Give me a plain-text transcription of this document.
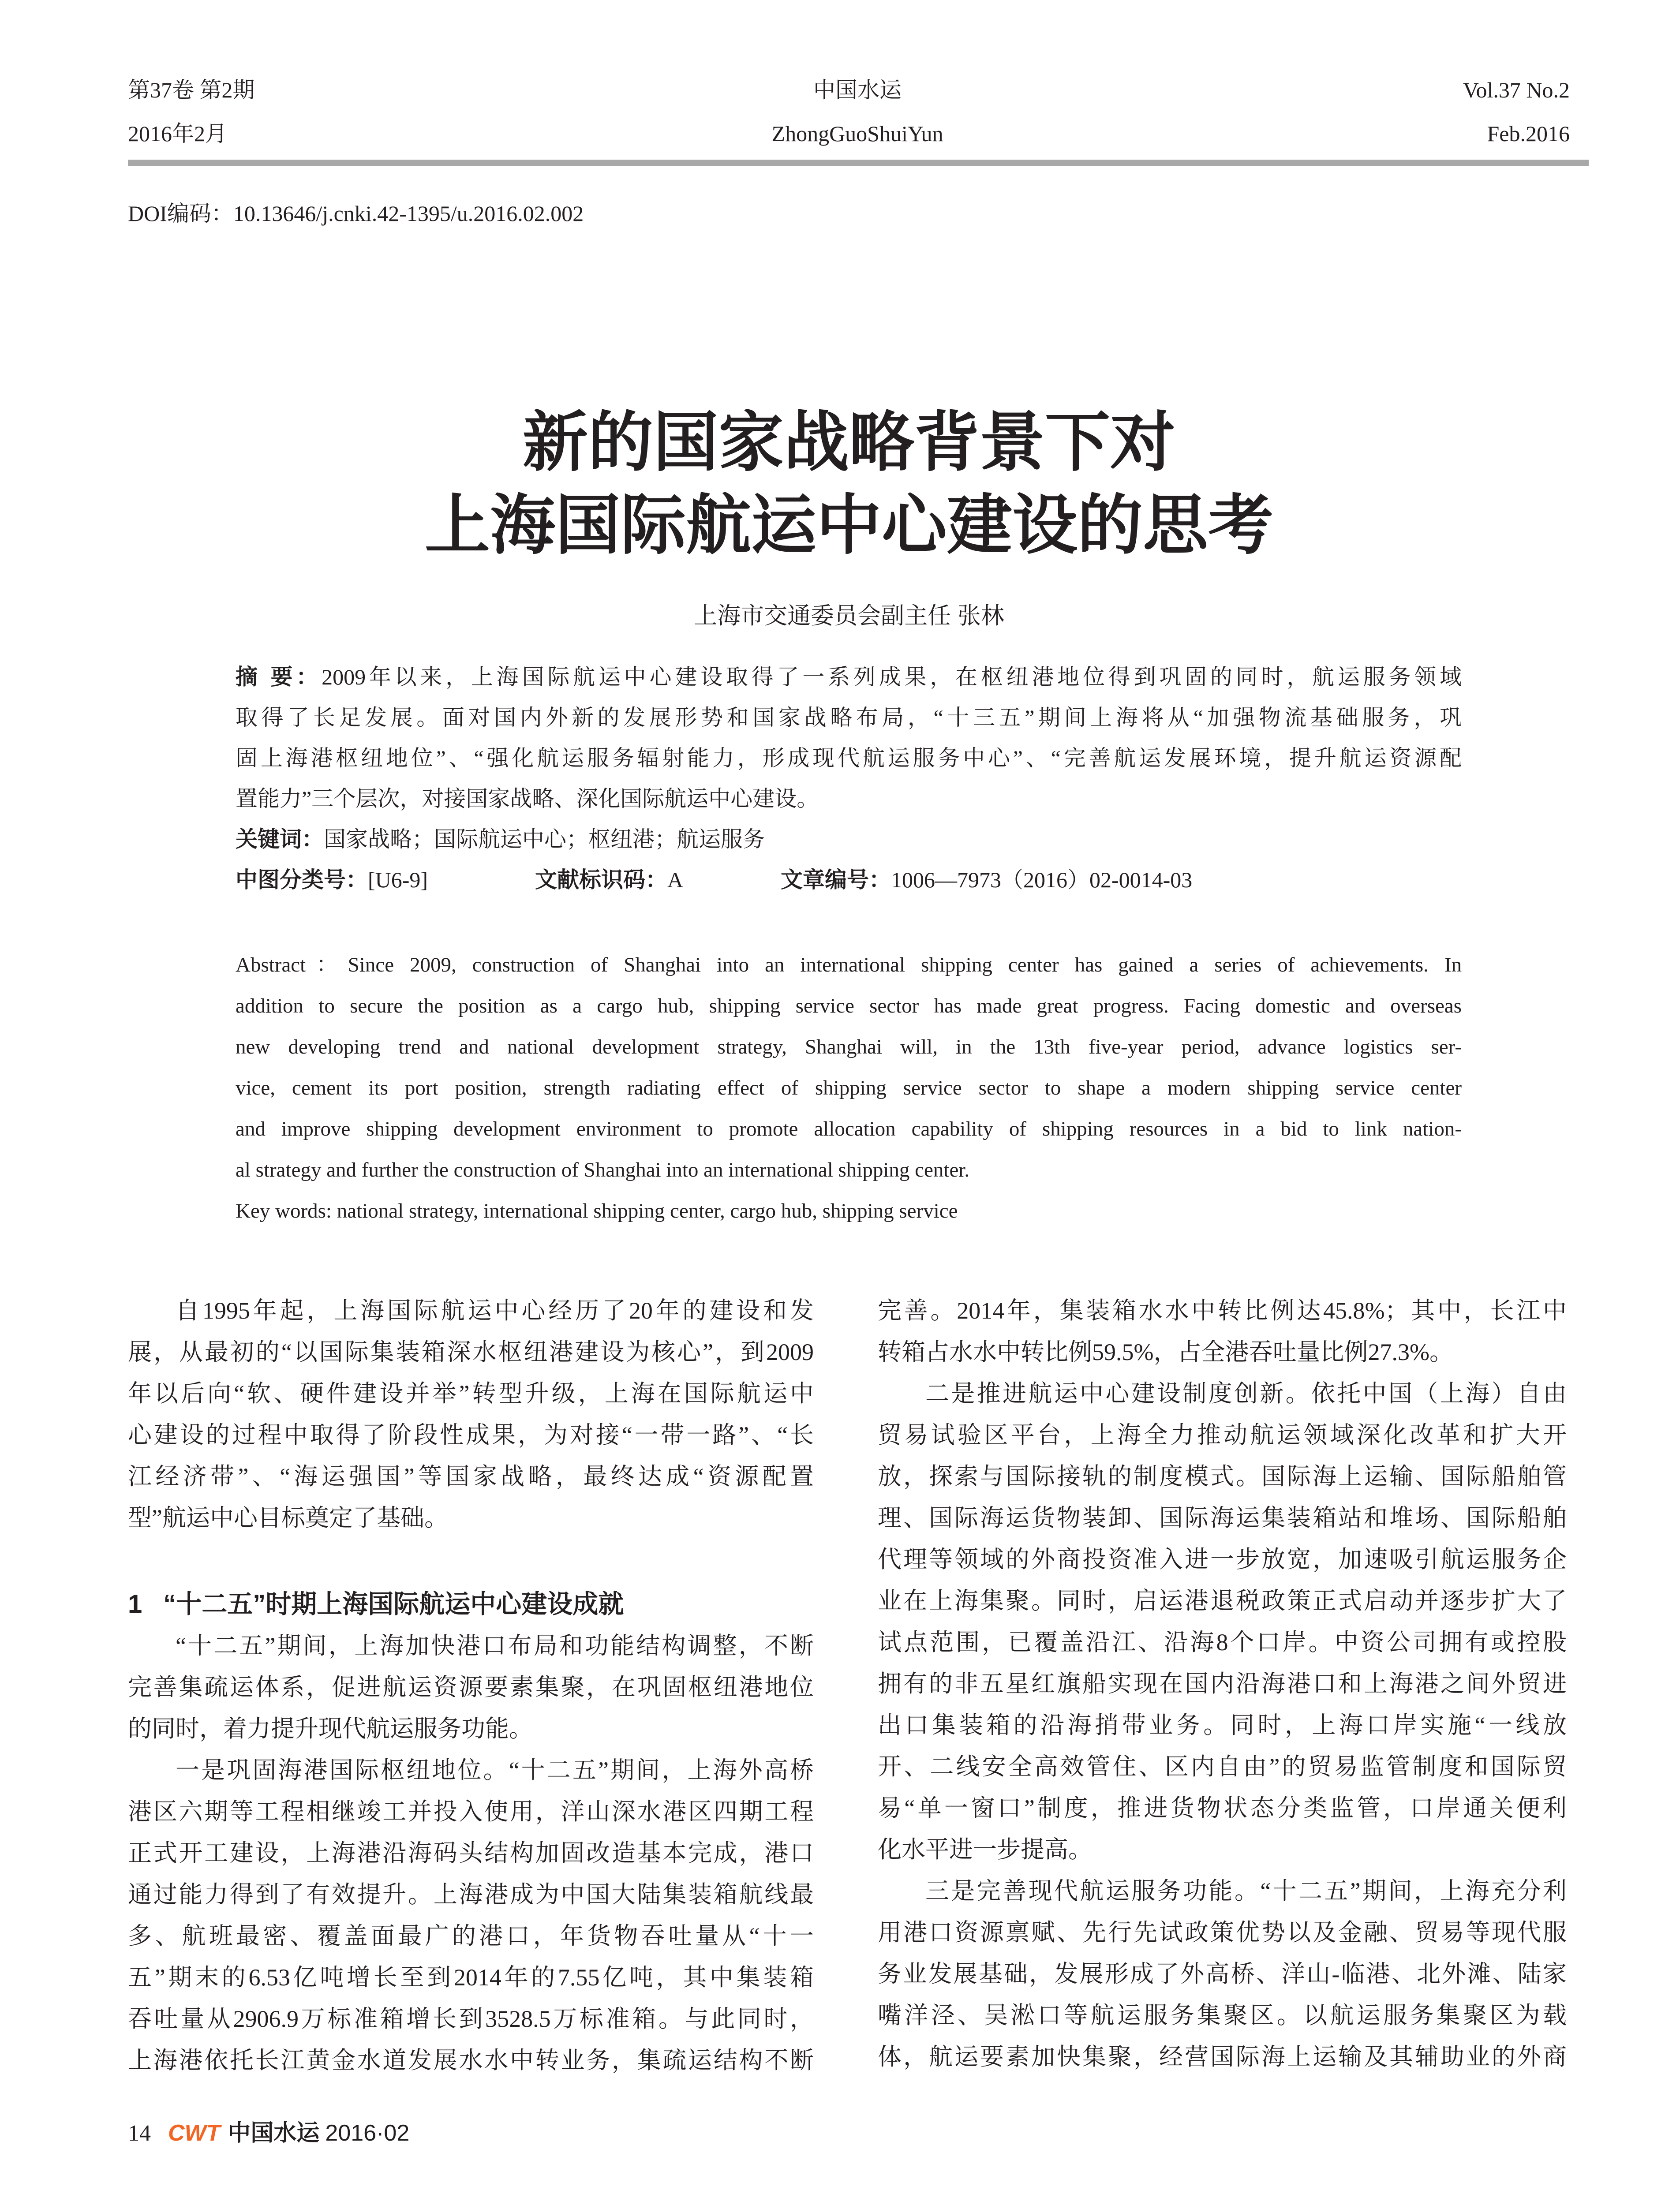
第37卷 第2期	中国水运	Vol.37 No.2
2016年2月	ZhongGuoShuiYun	Feb.2016
DOI编码：10.13646/j.cnki.42-1395/u.2016.02.002
新的国家战略背景下对
上海国际航运中心建设的思考
上海市交通委员会副主任 张林
摘 要：2009年以来，上海国际航运中心建设取得了一系列成果，在枢纽港地位得到巩固的同时，航运服务领域
取得了长足发展。面对国内外新的发展形势和国家战略布局，“十三五”期间上海将从“加强物流基础服务，巩
固上海港枢纽地位”、“强化航运服务辐射能力，形成现代航运服务中心”、“完善航运发展环境，提升航运资源配
置能力”三个层次，对接国家战略、深化国际航运中心建设。
关键词：国家战略；国际航运中心；枢纽港；航运服务
中图分类号：[U6-9]	文献标识码：A	文章编号：1006—7973（2016）02-0014-03
Abstract：Since 2009, construction of Shanghai into an international shipping center has gained a series of achievements. In
addition to secure the position as a cargo hub, shipping service sector has made great progress. Facing domestic and overseas
new developing trend and national development strategy, Shanghai will, in the 13th five-year period, advance logistics ser-
vice, cement its port position, strength radiating effect of shipping service sector to shape a modern shipping service center
and improve shipping development environment to promote allocation capability of shipping resources in a bid to link nation-
al strategy and further the construction of Shanghai into an international shipping center.
Key words: national strategy, international shipping center, cargo hub, shipping service
自1995年起，上海国际航运中心经历了20年的建设和发
展，从最初的“以国际集装箱深水枢纽港建设为核心”，到2009
年以后向“软、硬件建设并举”转型升级，上海在国际航运中
心建设的过程中取得了阶段性成果，为对接“一带一路”、“长
江经济带”、“海运强国”等国家战略，最终达成“资源配置
型”航运中心目标奠定了基础。
1 “十二五”时期上海国际航运中心建设成就
“十二五”期间，上海加快港口布局和功能结构调整，不断
完善集疏运体系，促进航运资源要素集聚，在巩固枢纽港地位
的同时，着力提升现代航运服务功能。
一是巩固海港国际枢纽地位。“十二五”期间，上海外高桥
港区六期等工程相继竣工并投入使用，洋山深水港区四期工程
正式开工建设，上海港沿海码头结构加固改造基本完成，港口
通过能力得到了有效提升。上海港成为中国大陆集装箱航线最
多、航班最密、覆盖面最广的港口，年货物吞吐量从“十一
五”期末的6.53亿吨增长至到2014年的7.55亿吨，其中集装箱
吞吐量从2906.9万标准箱增长到3528.5万标准箱。与此同时，
上海港依托长江黄金水道发展水水中转业务，集疏运结构不断
完善。2014年，集装箱水水中转比例达45.8%；其中，长江中
转箱占水水中转比例59.5%，占全港吞吐量比例27.3%。
二是推进航运中心建设制度创新。依托中国（上海）自由
贸易试验区平台，上海全力推动航运领域深化改革和扩大开
放，探索与国际接轨的制度模式。国际海上运输、国际船舶管
理、国际海运货物装卸、国际海运集装箱站和堆场、国际船舶
代理等领域的外商投资准入进一步放宽，加速吸引航运服务企
业在上海集聚。同时，启运港退税政策正式启动并逐步扩大了
试点范围，已覆盖沿江、沿海8个口岸。中资公司拥有或控股
拥有的非五星红旗船实现在国内沿海港口和上海港之间外贸进
出口集装箱的沿海捎带业务。同时，上海口岸实施“一线放
开、二线安全高效管住、区内自由”的贸易监管制度和国际贸
易“单一窗口”制度，推进货物状态分类监管，口岸通关便利
化水平进一步提高。
三是完善现代航运服务功能。“十二五”期间，上海充分利
用港口资源禀赋、先行先试政策优势以及金融、贸易等现代服
务业发展基础，发展形成了外高桥、洋山-临港、北外滩、陆家
嘴洋泾、吴淞口等航运服务集聚区。以航运服务集聚区为载
体，航运要素加快集聚，经营国际海上运输及其辅助业的外商
14 CWT 中国水运 2016·02
